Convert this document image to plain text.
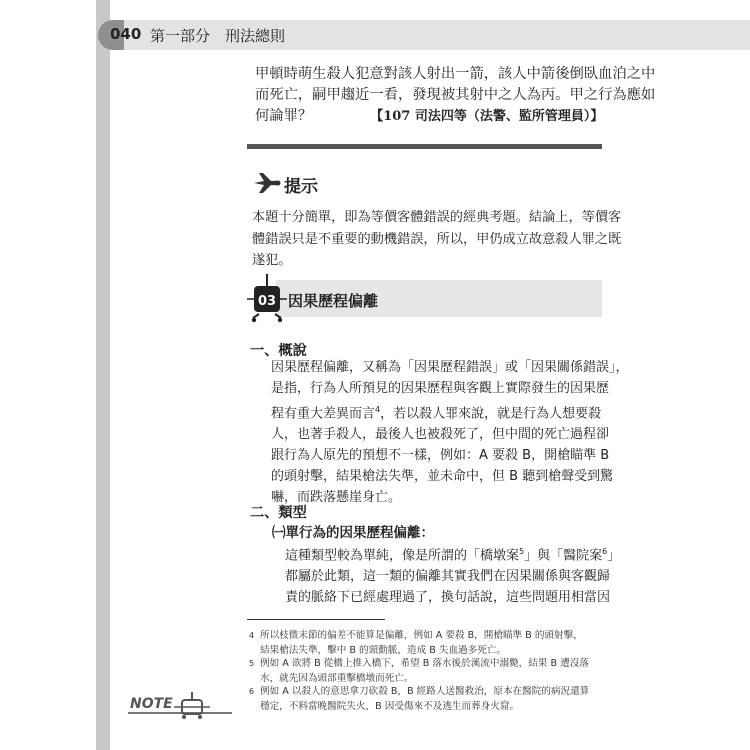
040 第一部分　刑法總則
甲頓時萌生殺人犯意對該人射出一箭，該人中箭後倒臥血泊之中
而死亡，嗣甲趨近一看，發現被其射中之人為丙。甲之行為應如
何論罪？	【107 司法四等（法警、監所管理員）】
提示
本題十分簡單，即為等價客體錯誤的經典考題。結論上，等價客
體錯誤只是不重要的動機錯誤，所以，甲仍成立故意殺人罪之既
遂犯。
03 因果歷程偏離
一、概說
因果歷程偏離，又稱為「因果歷程錯誤」或「因果關係錯誤」，
是指，行為人所預見的因果歷程與客觀上實際發生的因果歷
程有重大差異而言$^4$，若以殺人罪來說，就是行為人想要殺
人，也著手殺人，最後人也被殺死了，但中間的死亡過程卻
跟行為人原先的預想不一樣，例如：A 要殺 B，開槍瞄準 B
的頭射擊，結果槍法失準，並未命中，但 B 聽到槍聲受到驚
嚇，而跌落懸崖身亡。
二、類型
㈠單行為的因果歷程偏離：
這種類型較為單純，像是所謂的「橋墩案$^5$」與「醫院案$^6$」
都屬於此類，這一類的偏離其實我們在因果關係與客觀歸
責的脈絡下已經處理過了，換句話說，這些問題用相當因
4 所以枝微末節的偏差不能算是偏離，例如 A 要殺 B，開槍瞄準 B 的頭射擊，
結果槍法失準，擊中 B 的頸動脈，造成 B 失血過多死亡。
5 例如 A 欲將 B 從橋上推入橋下，希望 B 落水後於溪流中溺斃，結果 B 遭沒落
水，就先因為頭部重擊橋墩而死亡。
6 例如 A 以殺人的意思拿刀砍殺 B，B 經路人送醫救治，原本在醫院的病況還算
穩定，不料當晚醫院失火，B 因受傷來不及逃生而葬身火窟。
NOTE
